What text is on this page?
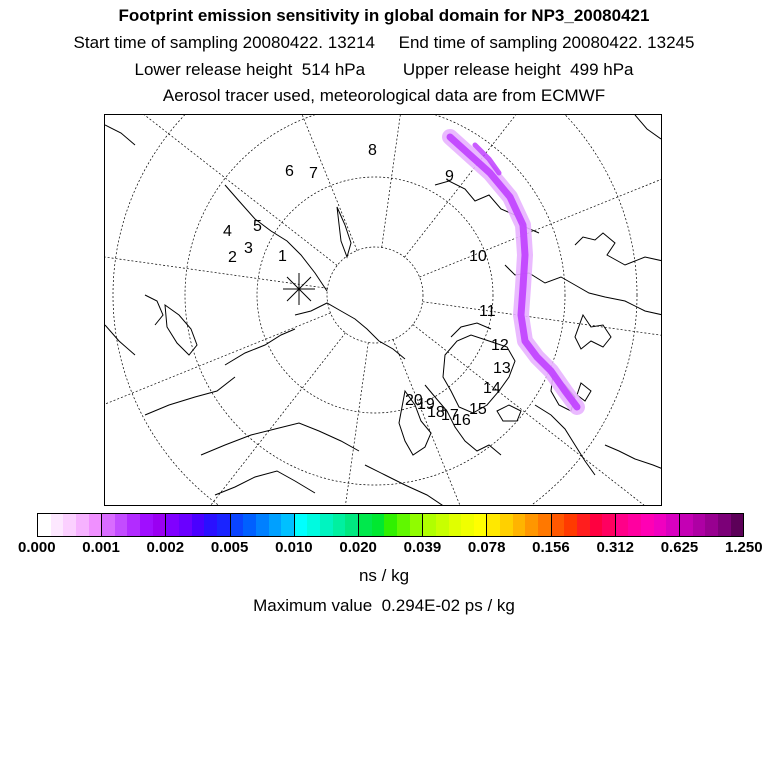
Footprint emission sensitivity in global domain for NP3_20080421
Start time of sampling 20080422. 13214     End time of sampling 20080422. 13245
Lower release height  514 hPa        Upper release height  499 hPa
Aerosol tracer used, meteorological data are from ECMWF
1
2
3
4 5
6 7
8
9
10
11
12
13
14
15
16
17
18
19
20
0.000 0.001 0.002 0.005 0.010 0.020 0.039 0.078 0.156 0.312 0.625 1.250
ns / kg
Maximum value  0.294E-02 ps / kg
